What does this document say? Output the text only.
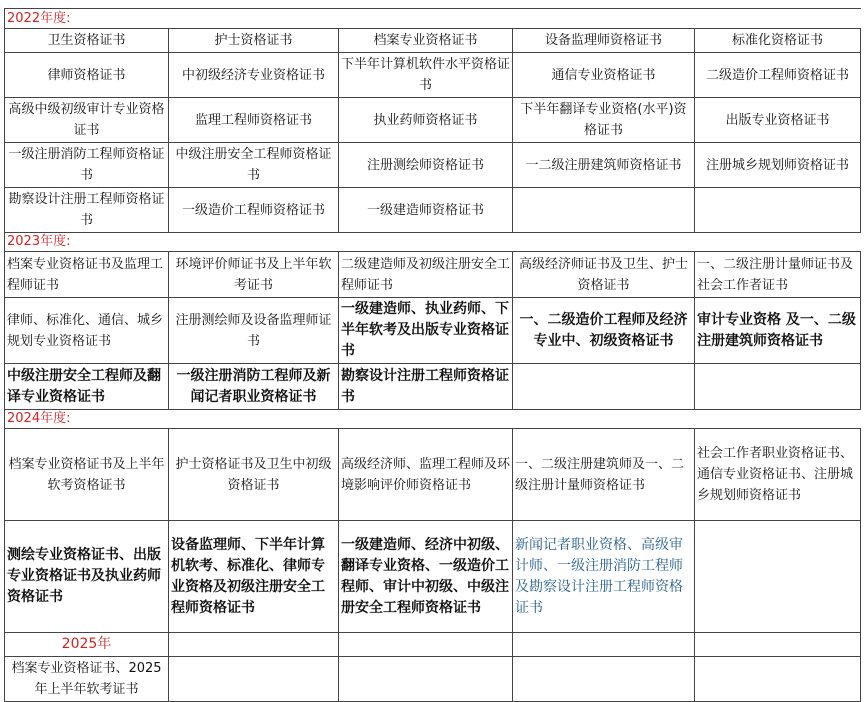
2022年度:				
卫生资格证书	护士资格证书	档案专业资格证书	设备监理师资格证书	标准化资格证书
律师资格证书	中初级经济专业资格证书	下半年计算机软件水平资格证书	通信专业资格证书	二级造价工程师资格证书
高级中级初级审计专业资格证书	监理工程师资格证书	执业药师资格证书	下半年翻译专业资格(水平)资格证书	出版专业资格证书
一级注册消防工程师资格证书	中级注册安全工程师资格证书	注册测绘师资格证书	一二级注册建筑师资格证书	注册城乡规划师资格证书
勘察设计注册工程师资格证书	一级造价工程师资格证书	一级建造师资格证书		
2023年度:				
档案专业资格证书及监理工程师证书	环境评价师证书及上半年软考证书	二级建造师及初级注册安全工程师证书	高级经济师证书及卫生、护士资格证书	一、二级注册计量师证书及社会工作者证书
律师、标准化、通信、城乡规划专业资格证书	注册测绘师及设备监理师证书	一级建造师、执业药师、下半年软考及出版专业资格证书	一、二级造价工程师及经济专业中、初级资格证书	审计专业资格 及一、二级注册建筑师资格证书
中级注册安全工程师及翻译专业资格证书	一级注册消防工程师及新闻记者职业资格证书	勘察设计注册工程师资格证书		
2024年度:				
档案专业资格证书及上半年软考资格证书	护士资格证书及卫生中初级资格证书	高级经济师、监理工程师及环境影响评价师资格证书	一、二级注册建筑师及一、二级注册计量师资格证书	社会工作者职业资格证书、通信专业资格证书、注册城乡规划师资格证书
测绘专业资格证书、出版专业资格证书及执业药师资格证书	设备监理师、下半年计算机软考、标准化、律师专业资格及初级注册安全工程师资格证书	一级建造师、经济中初级、翻译专业资格、一级造价工程师、审计中初级、中级注册安全工程师资格证书	新闻记者职业资格、高级审计师、一级注册消防工程师及勘察设计注册工程师资格证书	
2025年				
档案专业资格证书、2025年上半年软考证书				
